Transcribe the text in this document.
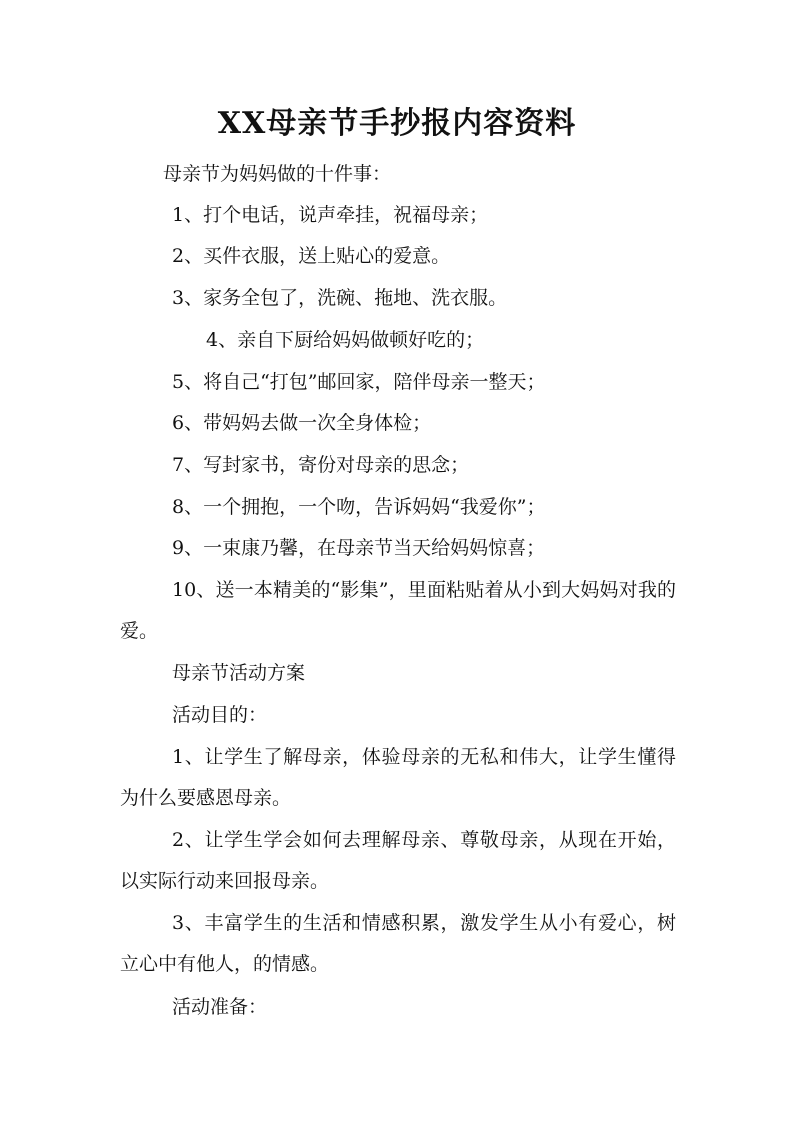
XX母亲节手抄报内容资料
母亲节为妈妈做的十件事：
1、打个电话，说声牵挂，祝福母亲；
2、买件衣服，送上贴心的爱意。
3、家务全包了，洗碗、拖地、洗衣服。
4、亲自下厨给妈妈做顿好吃的；
5、将自己“打包”邮回家，陪伴母亲一整天；
6、带妈妈去做一次全身体检；
7、写封家书，寄份对母亲的思念；
8、一个拥抱，一个吻，告诉妈妈“我爱你”；
9、一束康乃馨，在母亲节当天给妈妈惊喜；
10、送一本精美的“影集”，里面粘贴着从小到大妈妈对我的爱。
母亲节活动方案
活动目的：
1、让学生了解母亲，体验母亲的无私和伟大，让学生懂得为什么要感恩母亲。
2、让学生学会如何去理解母亲、尊敬母亲，从现在开始，以实际行动来回报母亲。
3、丰富学生的生活和情感积累，激发学生从小有爱心，树立心中有他人，的情感。
活动准备：
